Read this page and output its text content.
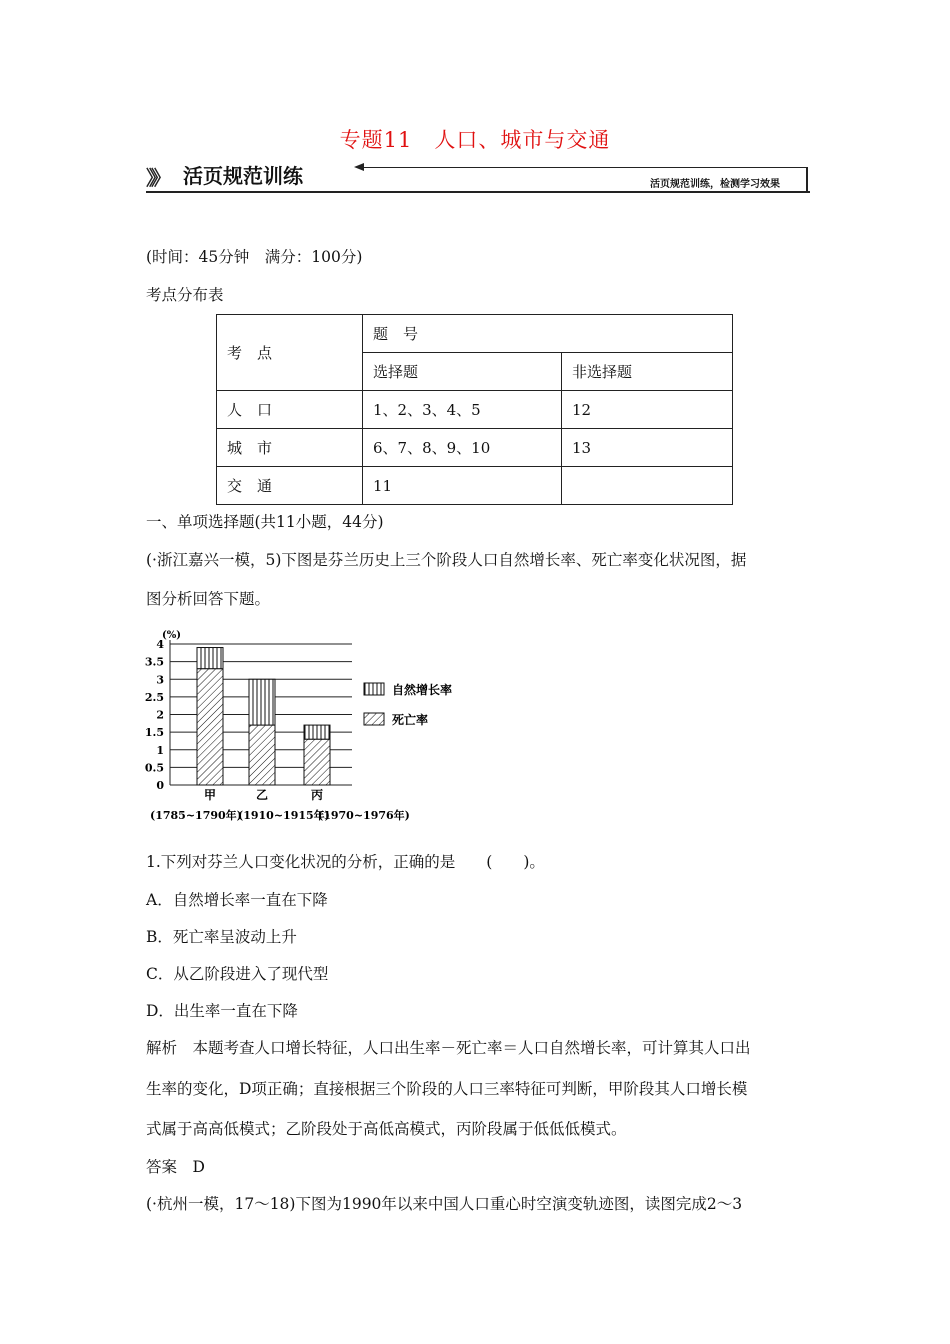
专题11　人口、城市与交通
》》 活页规范训练	活页规范训练，检测学习效果
(时间：45分钟　满分：100分)
考点分布表
考　点	题　号	
	选择题	非选择题
人　口	1、2、3、4、5	12
城　市	6、7、8、9、10	13
交　通	11	
一、单项选择题(共11小题，44分)
(·浙江嘉兴一模，5)下图是芬兰历史上三个阶段人口自然增长率、死亡率变化状况图，据
图分析回答下题。
0
0.5
1
1.5
2
2.5
3
3.5
4
(%)
甲	乙	丙
(1785~1790年)
(1910~1915年)
(1970~1976年)
自然增长率
死亡率
1.下列对芬兰人口变化状况的分析，正确的是　　(　　)。
A．自然增长率一直在下降
B．死亡率呈波动上升
C．从乙阶段进入了现代型
D．出生率一直在下降
解析　本题考查人口增长特征，人口出生率－死亡率＝人口自然增长率，可计算其人口出
生率的变化，D项正确；直接根据三个阶段的人口三率特征可判断，甲阶段其人口增长模
式属于高高低模式；乙阶段处于高低高模式，丙阶段属于低低低模式。
答案　D
(·杭州一模，17～18)下图为1990年以来中国人口重心时空演变轨迹图，读图完成2～3
